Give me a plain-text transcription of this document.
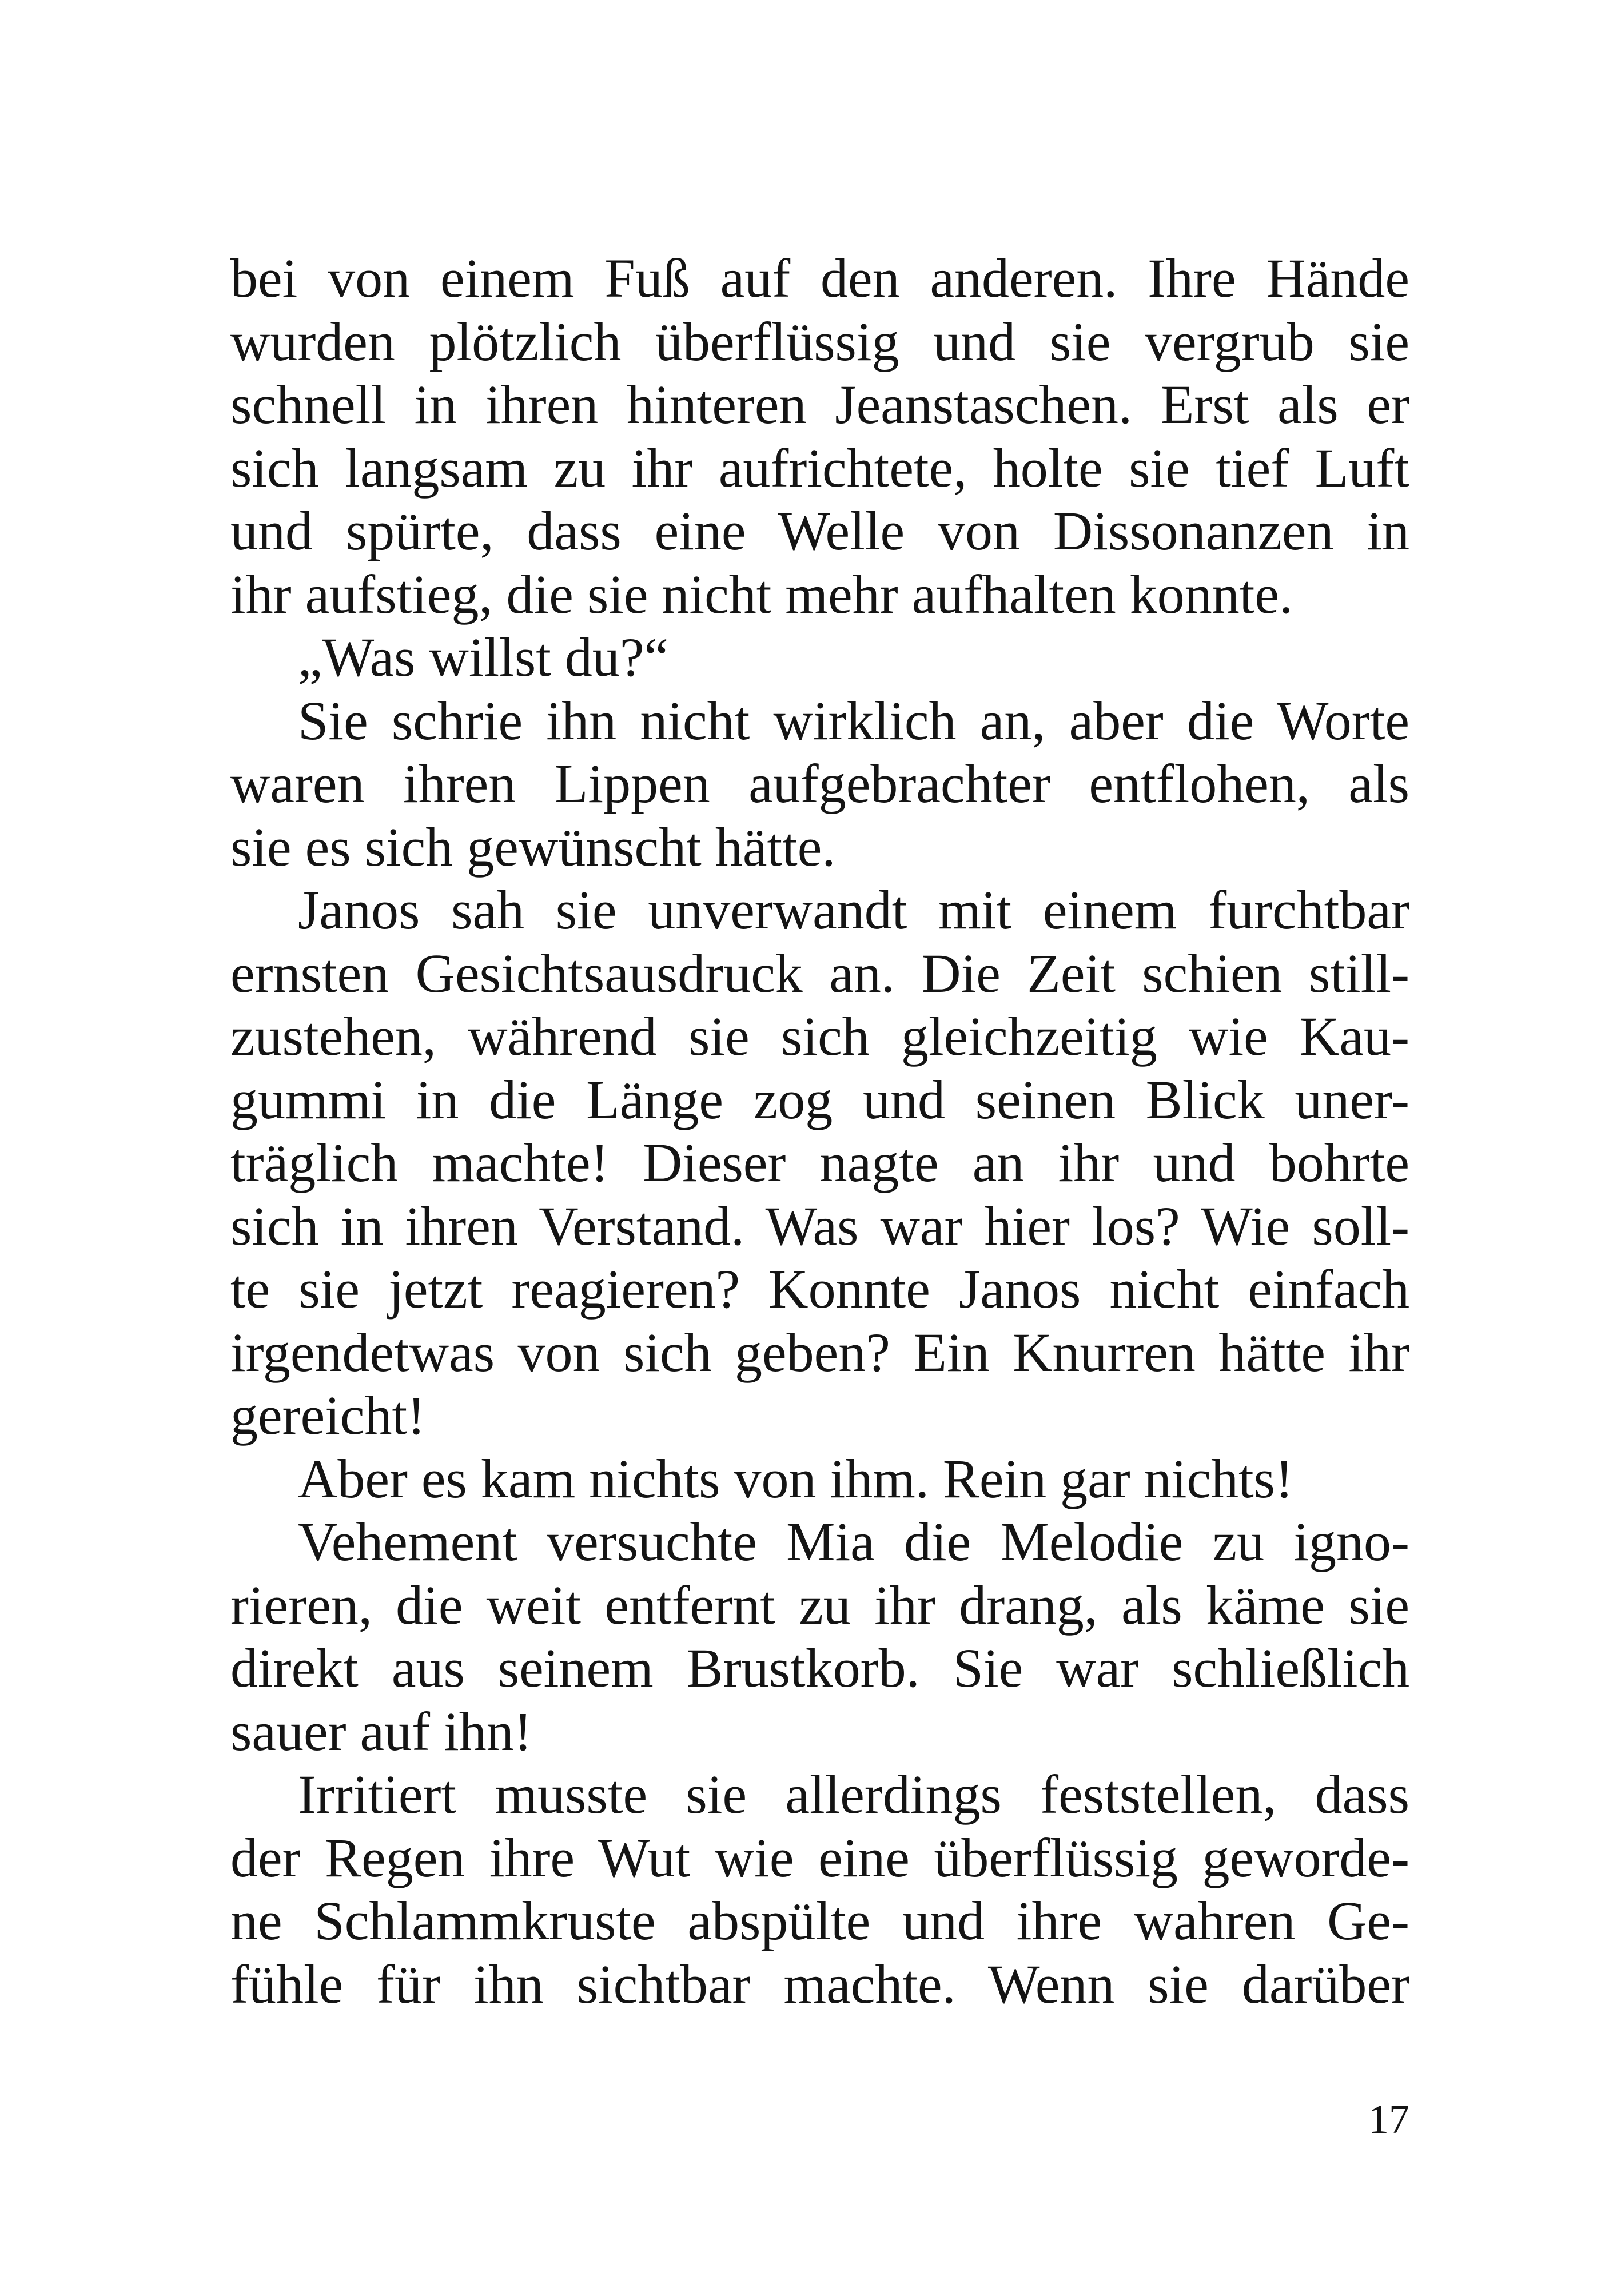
bei von einem Fuß auf den anderen. Ihre Hände
wurden plötzlich überflüssig und sie vergrub sie
schnell in ihren hinteren Jeanstaschen. Erst als er
sich langsam zu ihr aufrichtete, holte sie tief Luft
und spürte, dass eine Welle von Dissonanzen in
ihr aufstieg, die sie nicht mehr aufhalten konnte.
„Was willst du?“
Sie schrie ihn nicht wirklich an, aber die Worte
waren ihren Lippen aufgebrachter entflohen, als
sie es sich gewünscht hätte.
Janos sah sie unverwandt mit einem furchtbar
ernsten Gesichtsausdruck an. Die Zeit schien still-
zustehen, während sie sich gleichzeitig wie Kau-
gummi in die Länge zog und seinen Blick uner-
träglich machte! Dieser nagte an ihr und bohrte
sich in ihren Verstand. Was war hier los? Wie soll-
te sie jetzt reagieren? Konnte Janos nicht einfach
irgendetwas von sich geben? Ein Knurren hätte ihr
gereicht!
Aber es kam nichts von ihm. Rein gar nichts!
Vehement versuchte Mia die Melodie zu igno-
rieren, die weit entfernt zu ihr drang, als käme sie
direkt aus seinem Brustkorb. Sie war schließlich
sauer auf ihn!
Irritiert musste sie allerdings feststellen, dass
der Regen ihre Wut wie eine überflüssig geworde-
ne Schlammkruste abspülte und ihre wahren Ge-
fühle für ihn sichtbar machte. Wenn sie darüber
17
